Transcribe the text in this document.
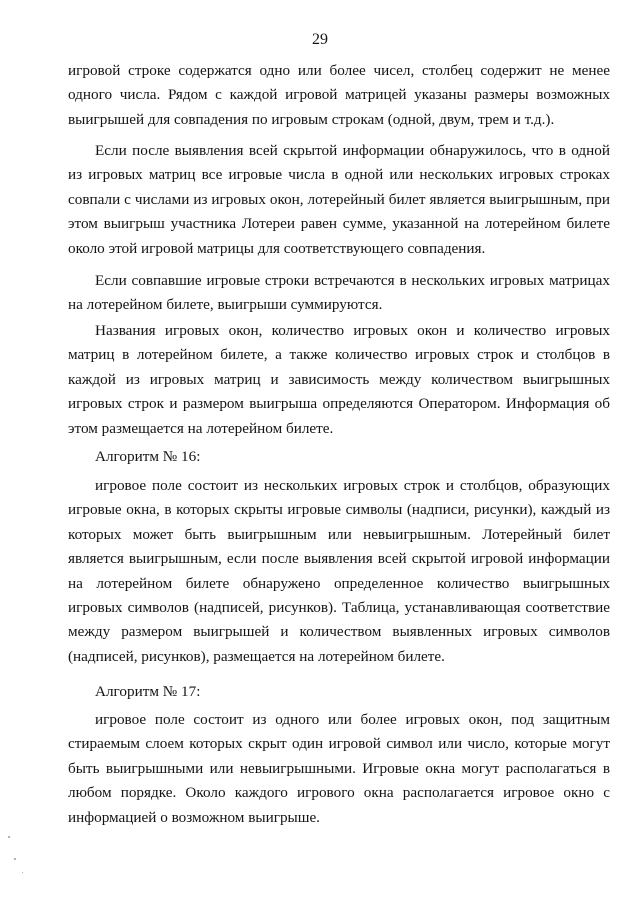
29

игровой строке содержатся одно или более чисел, столбец содержит не менее одного числа. Рядом с каждой игровой матрицей указаны размеры возможных выигрышей для совпадения по игровым строкам (одной, двум, трем и т.д.).

Если после выявления всей скрытой информации обнаружилось, что в одной из игровых матриц все игровые числа в одной или нескольких игровых строках совпали с числами из игровых окон, лотерейный билет является выигрышным, при этом выигрыш участника Лотереи равен сумме, указанной на лотерейном билете около этой игровой матрицы для соответствующего совпадения.

Если совпавшие игровые строки встречаются в нескольких игровых матрицах на лотерейном билете, выигрыши суммируются.

Названия игровых окон, количество игровых окон и количество игровых матриц в лотерейном билете, а также количество игровых строк и столбцов в каждой из игровых матриц и зависимость между количеством выигрышных игровых строк и размером выигрыша определяются Оператором. Информация об этом размещается на лотерейном билете.

Алгоритм № 16:

игровое поле состоит из нескольких игровых строк и столбцов, образующих игровые окна, в которых скрыты игровые символы (надписи, рисунки), каждый из которых может быть выигрышным или невыигрышным. Лотерейный билет является выигрышным, если после выявления всей скрытой игровой информации на лотерейном билете обнаружено определенное количество выигрышных игровых символов (надписей, рисунков). Таблица, устанавливающая соответствие между размером выигрышей и количеством выявленных игровых символов (надписей, рисунков), размещается на лотерейном билете.

Алгоритм № 17:

игровое поле состоит из одного или более игровых окон, под защитным стираемым слоем которых скрыт один игровой символ или число, которые могут быть выигрышными или невыигрышными. Игровые окна могут располагаться в любом порядке. Около каждого игрового окна располагается игровое окно с информацией о возможном выигрыше.
